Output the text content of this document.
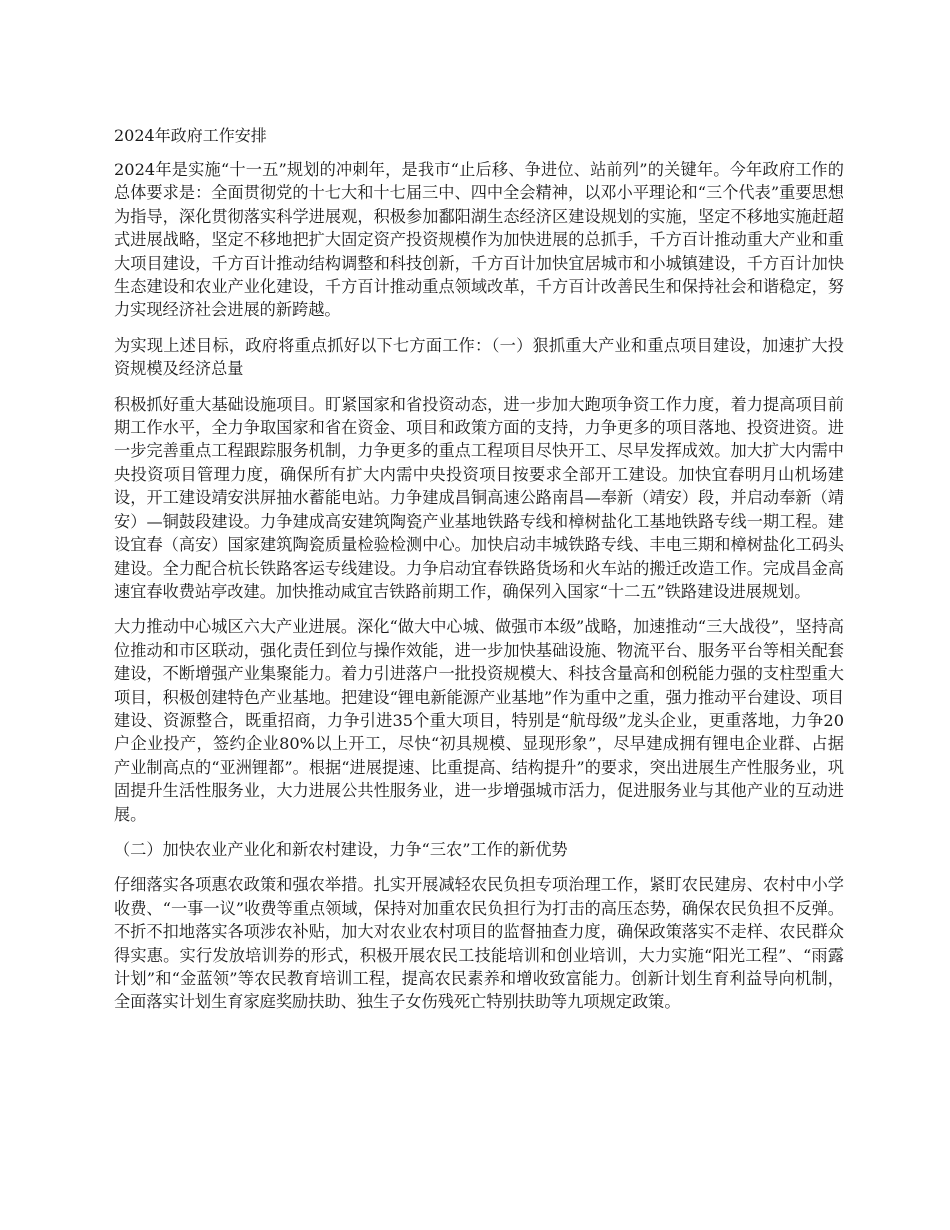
2024年政府工作安排

2024年是实施“十一五”规划的冲刺年，是我市“止后移、争进位、站前列”的关键年。今年政府工作的总体要求是：全面贯彻党的十七大和十七届三中、四中全会精神，以邓小平理论和“三个代表”重要思想为指导，深化贯彻落实科学进展观，积极参加鄱阳湖生态经济区建设规划的实施，坚定不移地实施赶超式进展战略，坚定不移地把扩大固定资产投资规模作为加快进展的总抓手，千方百计推动重大产业和重大项目建设，千方百计推动结构调整和科技创新，千方百计加快宜居城市和小城镇建设，千方百计加快生态建设和农业产业化建设，千方百计推动重点领域改革，千方百计改善民生和保持社会和谐稳定，努力实现经济社会进展的新跨越。

为实现上述目标，政府将重点抓好以下七方面工作：（一）狠抓重大产业和重点项目建设，加速扩大投资规模及经济总量

积极抓好重大基础设施项目。盯紧国家和省投资动态，进一步加大跑项争资工作力度，着力提高项目前期工作水平，全力争取国家和省在资金、项目和政策方面的支持，力争更多的项目落地、投资进资。进一步完善重点工程跟踪服务机制，力争更多的重点工程项目尽快开工、尽早发挥成效。加大扩大内需中央投资项目管理力度，确保所有扩大内需中央投资项目按要求全部开工建设。加快宜春明月山机场建设，开工建设靖安洪屏抽水蓄能电站。力争建成昌铜高速公路南昌—奉新（靖安）段，并启动奉新（靖安）—铜鼓段建设。力争建成高安建筑陶瓷产业基地铁路专线和樟树盐化工基地铁路专线一期工程。建设宜春（高安）国家建筑陶瓷质量检验检测中心。加快启动丰城铁路专线、丰电三期和樟树盐化工码头建设。全力配合杭长铁路客运专线建设。力争启动宜春铁路货场和火车站的搬迁改造工作。完成昌金高速宜春收费站亭改建。加快推动咸宜吉铁路前期工作，确保列入国家“十二五”铁路建设进展规划。

大力推动中心城区六大产业进展。深化“做大中心城、做强市本级”战略，加速推动“三大战役”，坚持高位推动和市区联动，强化责任到位与操作效能，进一步加快基础设施、物流平台、服务平台等相关配套建设，不断增强产业集聚能力。着力引进落户一批投资规模大、科技含量高和创税能力强的支柱型重大项目，积极创建特色产业基地。把建设“锂电新能源产业基地”作为重中之重，强力推动平台建设、项目建设、资源整合，既重招商，力争引进35个重大项目，特别是“航母级”龙头企业，更重落地，力争20户企业投产，签约企业80%以上开工，尽快“初具规模、显现形象”，尽早建成拥有锂电企业群、占据产业制高点的“亚洲锂都”。根据“进展提速、比重提高、结构提升”的要求，突出进展生产性服务业，巩固提升生活性服务业，大力进展公共性服务业，进一步增强城市活力，促进服务业与其他产业的互动进展。

（二）加快农业产业化和新农村建设，力争“三农”工作的新优势

仔细落实各项惠农政策和强农举措。扎实开展减轻农民负担专项治理工作，紧盯农民建房、农村中小学收费、“一事一议”收费等重点领域，保持对加重农民负担行为打击的高压态势，确保农民负担不反弹。不折不扣地落实各项涉农补贴，加大对农业农村项目的监督抽查力度，确保政策落实不走样、农民群众得实惠。实行发放培训券的形式，积极开展农民工技能培训和创业培训，大力实施“阳光工程”、“雨露计划”和“金蓝领”等农民教育培训工程，提高农民素养和增收致富能力。创新计划生育利益导向机制，全面落实计划生育家庭奖励扶助、独生子女伤残死亡特别扶助等九项规定政策。
